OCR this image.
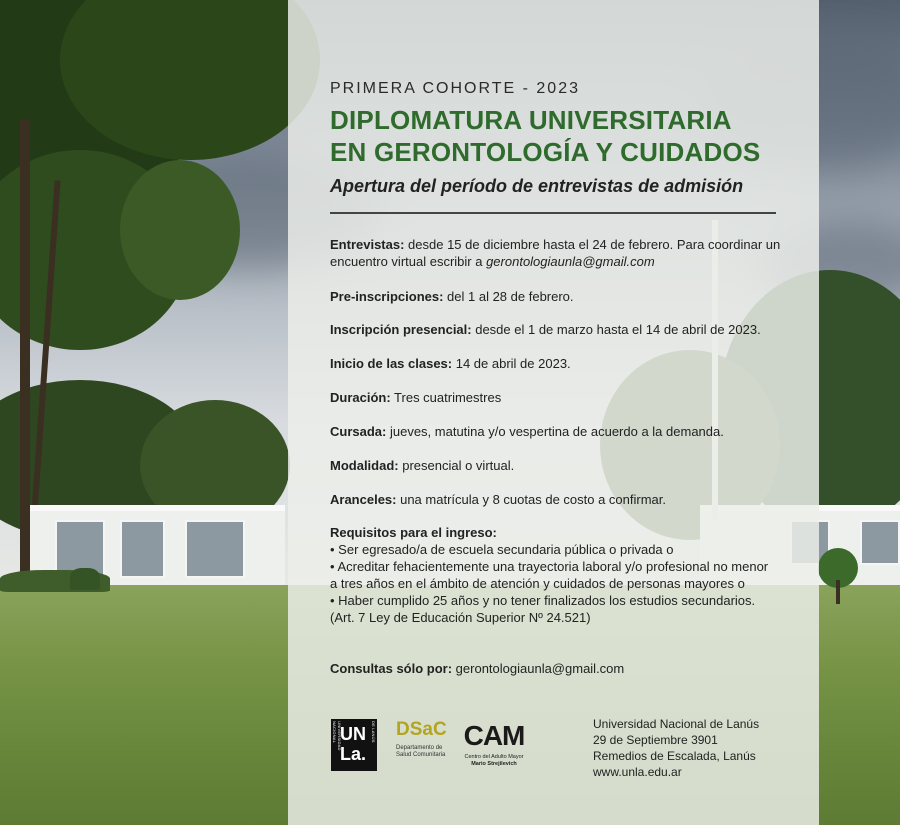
PRIMERA COHORTE - 2023
DIPLOMATURA UNIVERSITARIA
EN GERONTOLOGÍA Y CUIDADOS
Apertura del período de entrevistas de admisión
Entrevistas: desde 15 de diciembre hasta el 24 de febrero. Para coordinar un encuentro virtual escribir a gerontologiaunla@gmail.com
Pre-inscripciones: del 1 al 28 de febrero.
Inscripción presencial: desde el 1 de marzo hasta el 14 de abril de 2023.
Inicio de las clases: 14 de abril de 2023.
Duración: Tres cuatrimestres
Cursada: jueves, matutina y/o vespertina de acuerdo a la demanda.
Modalidad: presencial o virtual.
Aranceles: una matrícula y 8 cuotas de costo a confirmar.
Requisitos para el ingreso:
• Ser egresado/a de escuela secundaria pública o privada o
• Acreditar fehacientemente una trayectoria laboral y/o profesional no menor a tres años en el ámbito de atención y cuidados de personas mayores o
• Haber cumplido 25 años y no tener finalizados los estudios secundarios. (Art. 7 Ley de Educación Superior Nº 24.521)
Consultas sólo por: gerontologiaunla@gmail.com
UNIVERSIDAD NACIONAL	DE LANÚS
UN
La.
DSaC
Departamento de Salud Comunitaria
CAM
Centro del Adulto Mayor
Mario Strejilevich
Universidad Nacional de Lanús
29 de Septiembre 3901
Remedios de Escalada, Lanús
www.unla.edu.ar
